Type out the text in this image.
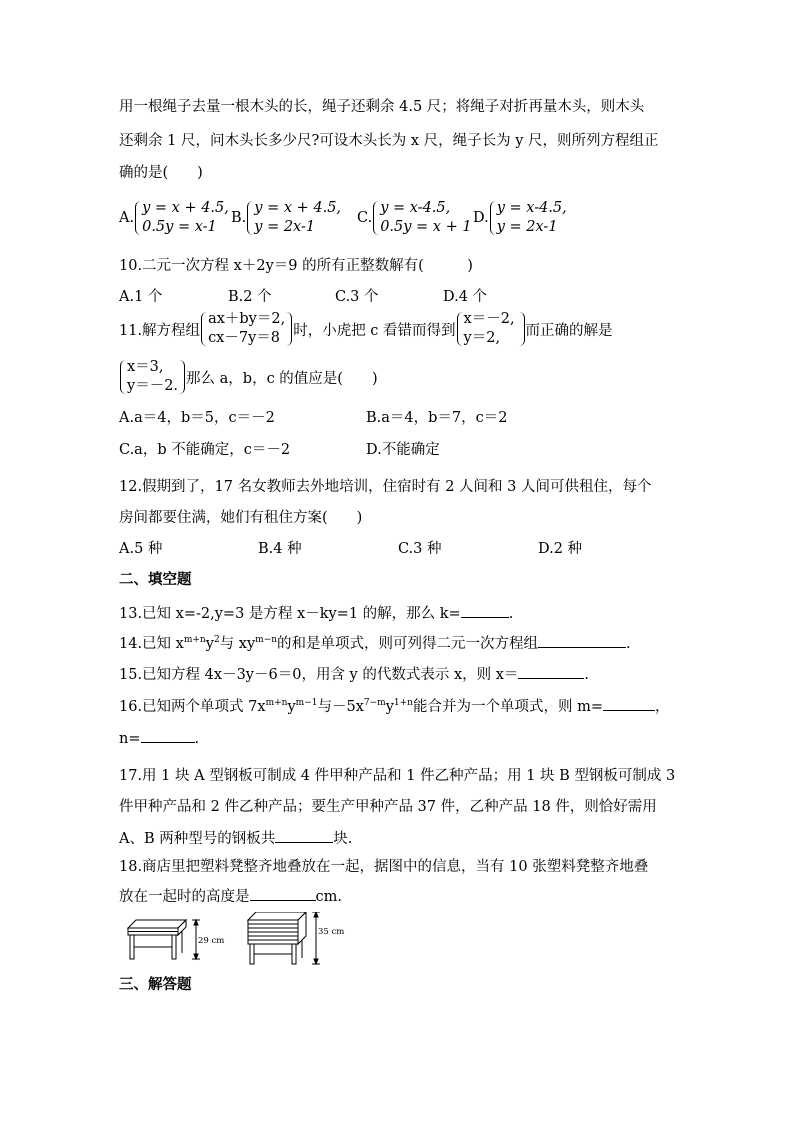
用一根绳子去量一根木头的长，绳子还剩余 4.5 尺；将绳子对折再量木头，则木头
还剩余 1 尺，问木头长多少尺?可设木头长为 x 尺，绳子长为 y 尺，则所列方程组正
确的是(　　)
A.
y = x + 4.5,
0.5y = x-1
B.
y = x + 4.5,
y = 2x-1
C.
y = x-4.5,
0.5y = x + 1
D.
y = x-4.5,
y = 2x-1
10.二元一次方程 x＋2y＝9 的所有正整数解有(　　　)
A.1 个	B.2 个	C.3 个	D.4 个
11.解方程组
ax＋by＝2,
cx－7y＝8 时，小虎把 c 看错而得到
x＝－2,
y＝2,	而正确的解是
x＝3,
y＝－2. 那么 a，b，c 的值应是(　　)
A.a＝4，b＝5，c＝－2	B.a＝4，b＝7，c＝2
C.a，b 不能确定，c＝－2	D.不能确定
12.假期到了，17 名女教师去外地培训，住宿时有 2 人间和 3 人间可供租住，每个
房间都要住满，她们有租住方案(　　)
A.5 种	B.4 种	C.3 种	D.2 种
二、填空题
13.已知 x=-2,y=3 是方程 x－ky=1 的解，那么 k=	.
14.已知 $x^{m+n}y^2$与 $xy^{m-n}$的和是单项式，则可列得二元一次方程组	.
15.已知方程 4x－3y－6＝0，用含 y 的代数式表示 x，则 x＝	.
16.已知两个单项式 $7x^{m+n}y^{m-1}$与$-5x^{7-m}y^{1+n}$能合并为一个单项式，则 m=	，
n=	.
17.用 1 块 A 型钢板可制成 4 件甲种产品和 1 件乙种产品；用 1 块 B 型钢板可制成 3
件甲种产品和 2 件乙种产品；要生产甲种产品 37 件，乙种产品 18 件，则恰好需用
A、B 两种型号的钢板共	块.
18.商店里把塑料凳整齐地叠放在一起，据图中的信息，当有 10 张塑料凳整齐地叠
放在一起时的高度是	cm.
29 cm
35 cm
三、解答题
